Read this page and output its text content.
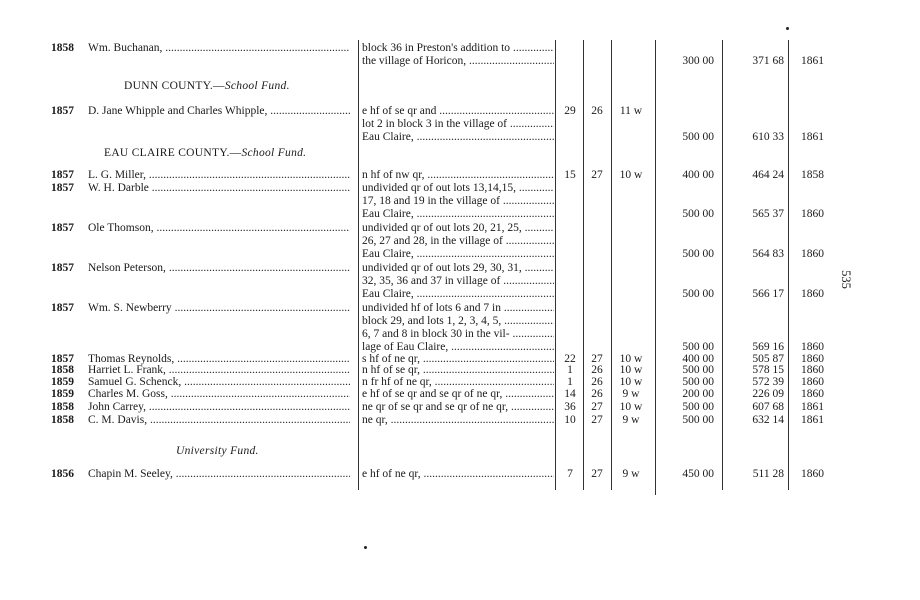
DUNN COUNTY.—School Fund.
EAU CLAIRE COUNTY.—School Fund.
University Fund.
1858 Wm. Buchanan, .....	block 36 in Preston's addition to .....
the village of Horicon, .....	300 00	371 68	1861
1857 D. Jane Whipple and Charles Whipple, .....	e hf of se qr and .....	29	26	11 w
lot 2 in block 3 in the village of .....
Eau Claire, .....	500 00	610 33	1861
1857 L. G. Miller, .....	n hf of nw qr, .....	15	27	10 w	400 00	464 24	1858
1857 W. H. Darble .....	undivided qr of out lots 13,14,15, .....
17, 18 and 19 in the village of .....
Eau Claire, .....	500 00	565 37	1860
1857 Ole Thomson, .....	undivided qr of out lots 20, 21, 25, .....
26, 27 and 28, in the village of .....
Eau Claire, .....	500 00	564 83	1860
1857 Nelson Peterson, .....	undivided qr of out lots 29, 30, 31, .....
32, 35, 36 and 37 in village of .....
Eau Claire, .....	500 00	566 17	1860
1857 Wm. S. Newberry .....	undivided hf of lots 6 and 7 in .....
block 29, and lots 1, 2, 3, 4, 5, .....
6, 7 and 8 in block 30 in the vil- .....
lage of Eau Claire, .....	500 00	569 16	1860
1857 Thomas Reynolds, .....	s hf of ne qr, .....	22	27	10 w	400 00	505 87	1860
1858 Harriet L. Frank, .....	n hf of se qr, .....	1	26	10 w	500 00	578 15	1860
1859 Samuel G. Schenck, .....	n fr hf of ne qr, .....	1	26	10 w	500 00	572 39	1860
1859 Charles M. Goss, .....	e hf of se qr and se qr of ne qr, .....	14	26	9 w	200 00	226 09	1860
1858 John Carrey, .....	ne qr of se qr and se qr of ne qr, .....	36	27	10 w	500 00	607 68	1861
1858 C. M. Davis, .....	ne qr, .....	10	27	9 w	500 00	632 14	1861
1856 Chapin M. Seeley, .....	e hf of ne qr, .....	7	27	9 w	450 00	511 28	1860
535
